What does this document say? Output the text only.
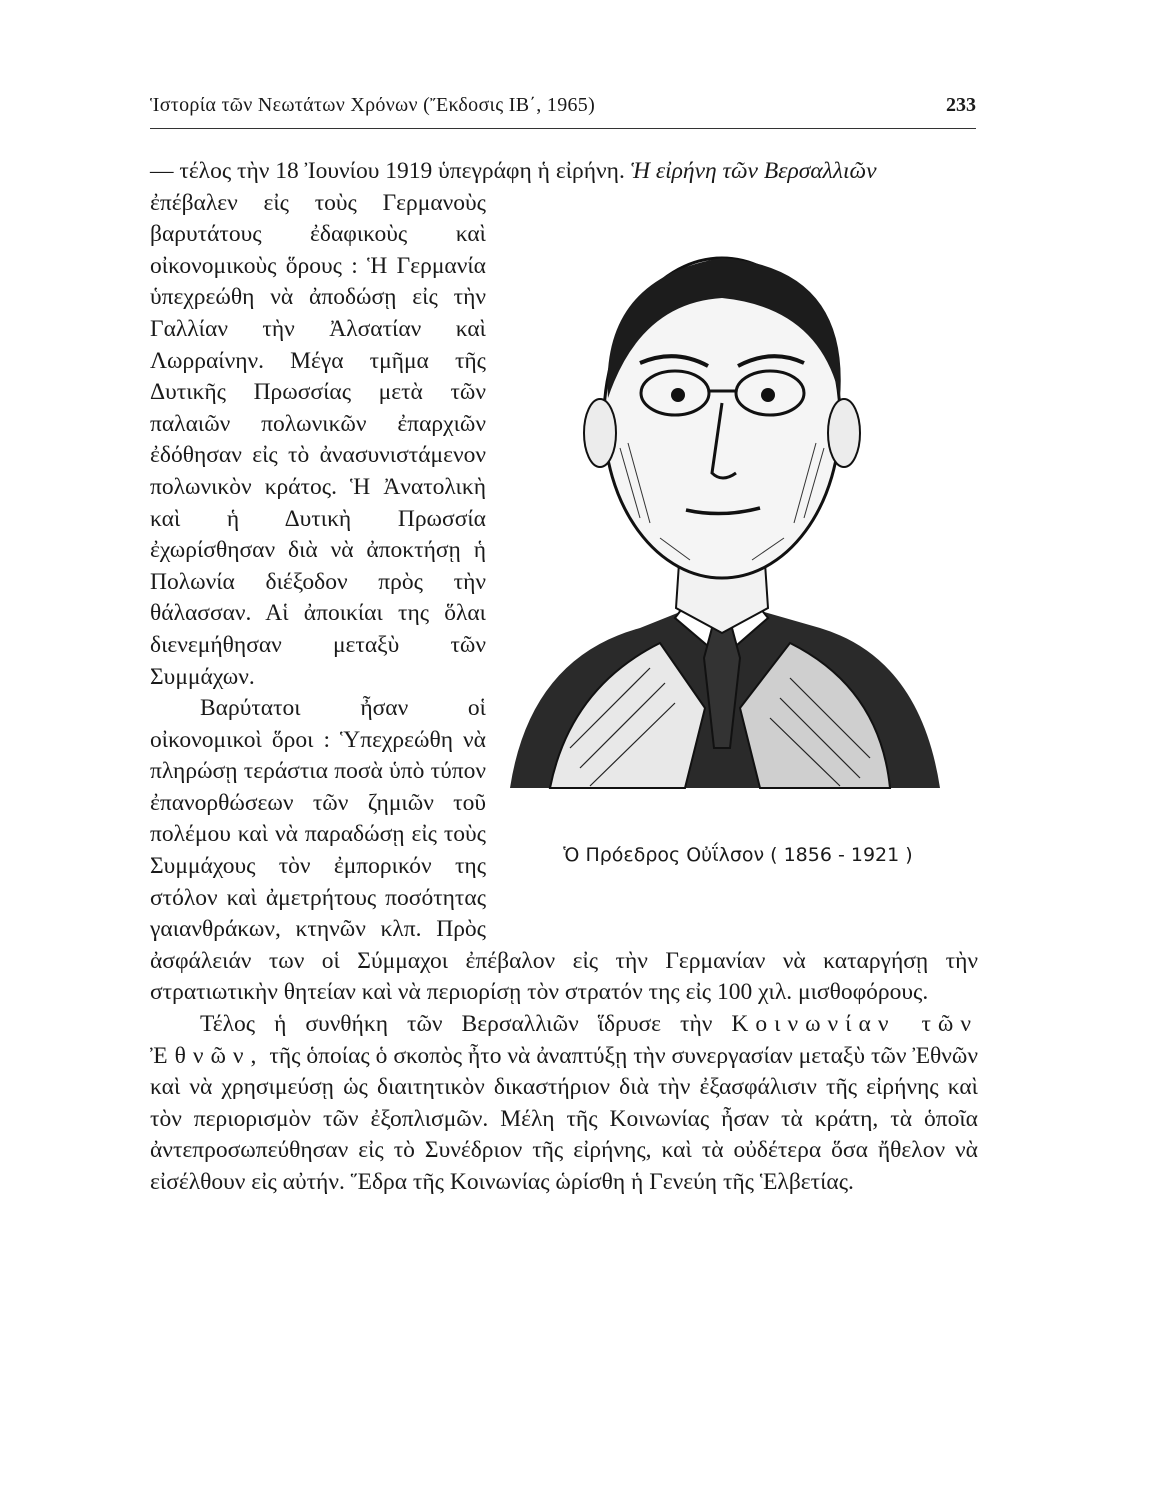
Ἱστορία τῶν Νεωτάτων Χρόνων (Ἔκδοσις ΙΒ΄, 1965)	233

— τέλος τὴν 18 Ἰουνίου 1919 ὑπεγράφη ἡ εἰρήνη. Ἡ εἰρήνη τῶν Βερσαλλιῶν

Ὁ Πρόεδρος Οὐΐλσον ( 1856 - 1921 )

ἐπέβαλεν εἰς τοὺς Γερμανοὺς βαρυτάτους ἐδαφικοὺς καὶ οἰκονομικοὺς ὅρους : Ἡ Γερμανία ὑπεχρεώθη νὰ ἀποδώσῃ εἰς τὴν Γαλλίαν τὴν Ἀλσατίαν καὶ Λωρραίνην. Μέγα τμῆμα τῆς Δυτικῆς Πρωσσίας μετὰ τῶν παλαιῶν πολωνικῶν ἐπαρχιῶν ἐδόθησαν εἰς τὸ ἀνασυνιστάμενον πολωνικὸν κράτος. Ἡ Ἀνατολικὴ καὶ ἡ Δυτικὴ Πρωσσία ἐχωρίσθησαν διὰ νὰ ἀποκτήσῃ ἡ Πολωνία διέξοδον πρὸς τὴν θάλασσαν. Αἱ ἀποικίαι της ὅλαι διενεμήθησαν μεταξὺ τῶν Συμμάχων.

Βαρύτατοι ἦσαν οἱ οἰκονομικοὶ ὅροι : Ὑπεχρεώθη νὰ πληρώσῃ τεράστια ποσὰ ὑπὸ τύπον ἐπανορθώσεων τῶν ζημιῶν τοῦ πολέμου καὶ νὰ παραδώσῃ εἰς τοὺς Συμμάχους τὸν ἐμπορικόν της στόλον καὶ ἀμετρήτους ποσότητας γαιανθράκων, κτηνῶν κλπ. Πρὸς ἀσφάλειάν των οἱ Σύμμαχοι ἐπέβαλον εἰς τὴν Γερμανίαν νὰ καταργήσῃ τὴν στρατιωτικὴν θητείαν καὶ νὰ περιορίσῃ τὸν στρατόν της εἰς 100 χιλ. μισθοφόρους.

Τέλος ἡ συνθήκη τῶν Βερσαλλιῶν ἵδρυσε τὴν Κοινωνίαν τῶν Ἐθνῶν, τῆς ὁποίας ὁ σκοπὸς ἦτο νὰ ἀναπτύξῃ τὴν συνεργασίαν μεταξὺ τῶν Ἐθνῶν καὶ νὰ χρησιμεύσῃ ὡς διαιτητικὸν δικαστήριον διὰ τὴν ἐξασφάλισιν τῆς εἰρήνης καὶ τὸν περιορισμὸν τῶν ἐξοπλισμῶν. Μέλη τῆς Κοινωνίας ἦσαν τὰ κράτη, τὰ ὁποῖα ἀντεπροσωπεύθησαν εἰς τὸ Συνέδριον τῆς εἰρήνης, καὶ τὰ οὐδέτερα ὅσα ἤθελον νὰ εἰσέλθουν εἰς αὐτήν. Ἕδρα τῆς Κοινωνίας ὡρίσθη ἡ Γενεύη τῆς Ἑλβετίας.
